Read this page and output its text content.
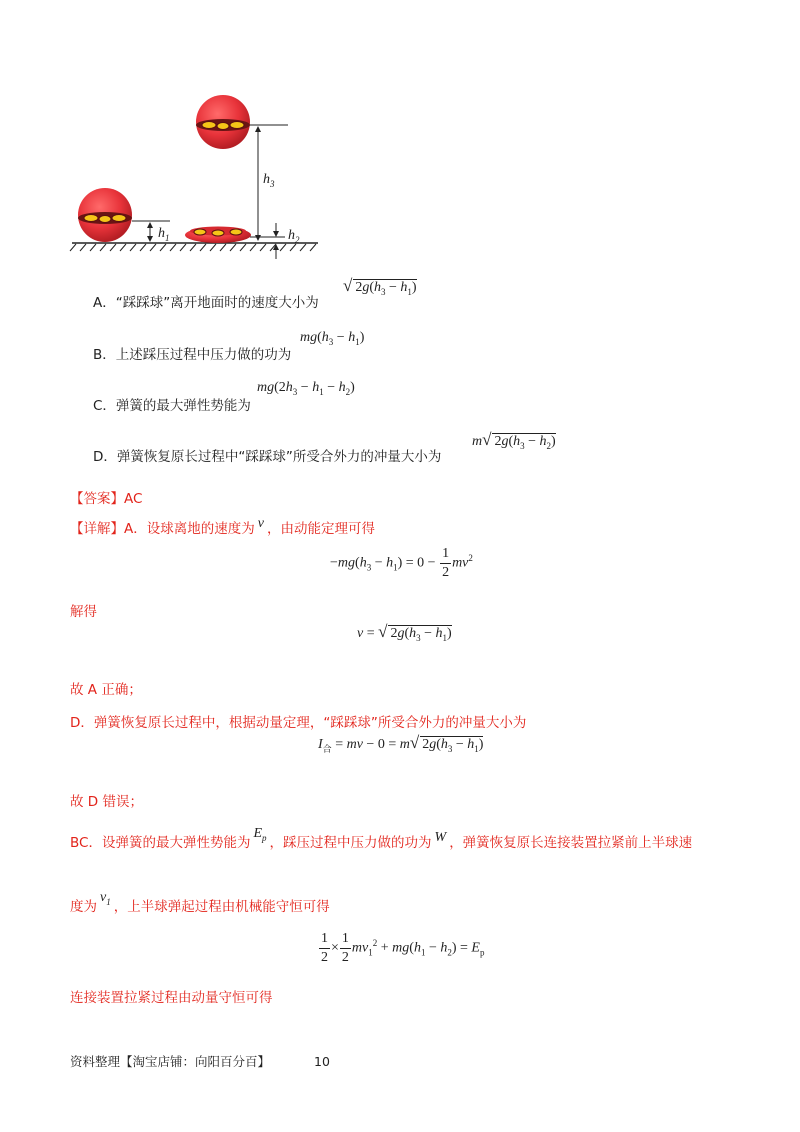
$h_1$
$h_3$
$h_2$
A．“踩踩球”离开地面时的速度大小为
√ $2g(h_3 - h_1)$
B．上述踩压过程中压力做的功为
$mg(h_3 - h_1)$
C．弹簧的最大弹性势能为
$mg(2h_3 - h_1 - h_2)$
D．弹簧恢复原长过程中“踩踩球”所受合外力的冲量大小为
m√ $2g(h_3 - h_2)$
【答案】AC
【详解】A．设球离地的速度为 v ，由动能定理可得
$-mg(h_3 - h_1) = 0 - \frac{1}{2} mv^2$
解得
v = √ $2g(h_3 - h_1)$
故 A 正确；
D．弹簧恢复原长过程中，根据动量定理，“踩踩球”所受合外力的冲量大小为
$I_合$ = mv − 0 = m√ $2g(h_3 - h_1)$
故 D 错误；
BC．设弹簧的最大弹性势能为$E_p$ ，踩压过程中压力做的功为 W ，弹簧恢复原长连接装置拉紧前上半球速
度为$v_1$ ，上半球弹起过程由机械能守恒可得
$\frac{1}{2} \times \frac{1}{2} mv_1^2 + mg(h_1 - h_2) = E_p$
连接装置拉紧过程由动量守恒可得
资料整理【淘宝店铺：向阳百分百】	10
